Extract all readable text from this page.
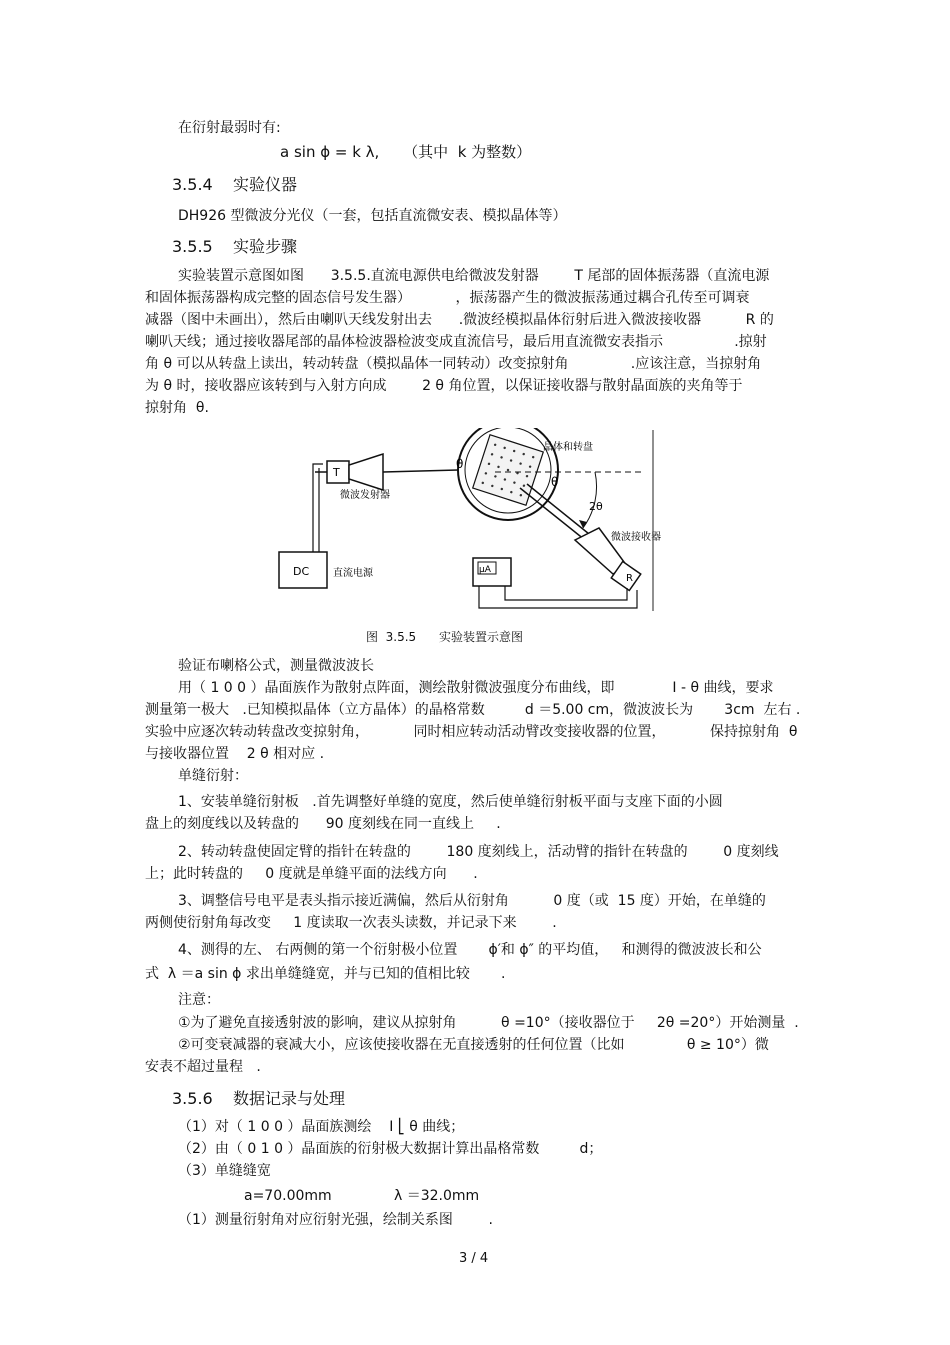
在衍射最弱时有:
a sin ϕ = k λ,     （其中  k 为整数）
3.5.4    实验仪器
DH926 型微波分光仪（一套，包括直流微安表、模拟晶体等）
3.5.5    实验步骤
实验装置示意图如图      3.5.5.直流电源供电给微波发射器        T 尾部的固体振荡器（直流电源
和固体振荡器构成完整的固态信号发生器）          ，振荡器产生的微波振荡通过耦合孔传至可调衰
减器（图中未画出），然后由喇叭天线发射出去      .微波经模拟晶体衍射后进入微波接收器          R 的
喇叭天线；通过接收器尾部的晶体检波器检波变成直流信号，最后用直流微安表指示                .掠射
角 θ 可以从转盘上读出，转动转盘（模拟晶体一同转动）改变掠射角              .应该注意，当掠射角
为 θ 时，接收器应该转到与入射方向成        2 θ 角位置，以保证接收器与散射晶面族的夹角等于
掠射角  θ.
T
微波发射器
DC 直流电源
晶体和转盘
θ
θ
2θ
R
微波接收器
μA
图  3.5.5      实验装置示意图
验证布喇格公式，测量微波波长
用（ 1 0 0 ）晶面族作为散射点阵面，测绘散射微波强度分布曲线，即             I - θ 曲线，要求
测量第一极大   .已知模拟晶体（立方晶体）的晶格常数         d ＝5.00 cm，微波波长为       3cm  左右 .
实验中应逐次转动转盘改变掠射角，          同时相应转动活动臂改变接收器的位置，          保持掠射角  θ
与接收器位置    2 θ 相对应 .
单缝衍射：
1、安装单缝衍射板   .首先调整好单缝的宽度，然后使单缝衍射板平面与支座下面的小圆
盘上的刻度线以及转盘的      90 度刻线在同一直线上     .
2、转动转盘使固定臂的指针在转盘的        180 度刻线上，活动臂的指针在转盘的        0 度刻线
上；此时转盘的     0 度就是单缝平面的法线方向      .
3、调整信号电平是表头指示接近满偏，然后从衍射角          0 度（或  15 度）开始，在单缝的
两侧使衍射角每改变     1 度读取一次表头读数，并记录下来        .
4、测得的左、 右两侧的第一个衍射极小位置       ϕ′和 ϕ″ 的平均值，   和测得的微波波长和公
式  λ ＝a sin ϕ 求出单缝缝宽，并与已知的值相比较       .
注意：
①为了避免直接透射波的影响，建议从掠射角          θ =10°（接收器位于     2θ =20°）开始测量  .
②可变衰减器的衰减大小，应该使接收器在无直接透射的任何位置（比如              θ ≥ 10°）微
安表不超过量程   .
3.5.6    数据记录与处理
（1）对（ 1 0 0 ）晶面族测绘    I ⎣ θ 曲线；
（2）由（ 0 1 0 ）晶面族的衍射极大数据计算出晶格常数         d；
（3）单缝缝宽
a=70.00mm              λ ＝32.0mm
（1）测量衍射角对应衍射光强，绘制关系图        .
3 / 4
